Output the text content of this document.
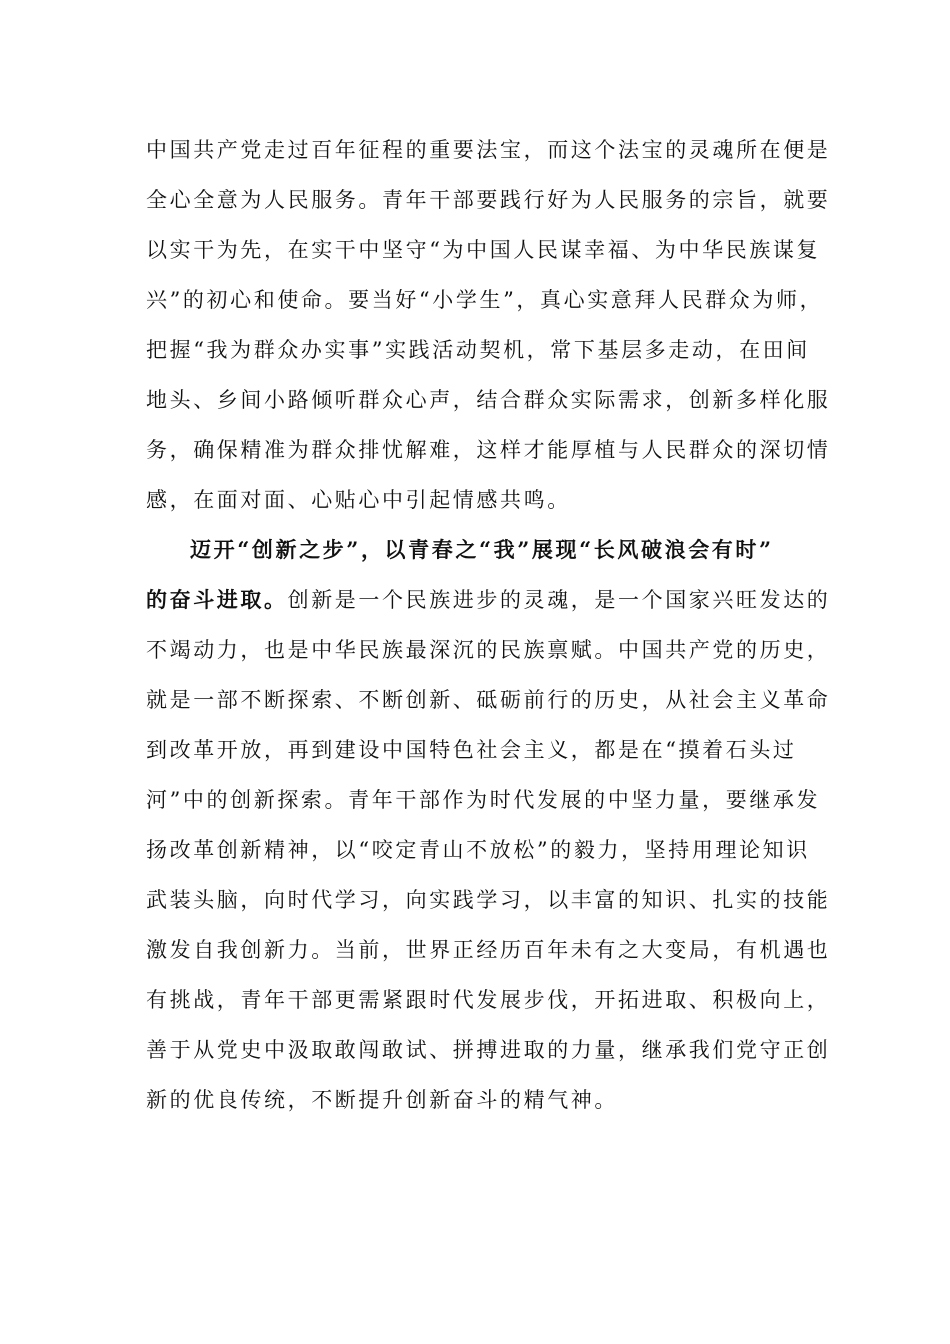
中国共产党走过百年征程的重要法宝，而这个法宝的灵魂所在便是
全心全意为人民服务。青年干部要践行好为人民服务的宗旨，就要
以实干为先，在实干中坚守“为中国人民谋幸福、为中华民族谋复
兴”的初心和使命。要当好“小学生”，真心实意拜人民群众为师，
把握“我为群众办实事”实践活动契机，常下基层多走动，在田间
地头、乡间小路倾听群众心声，结合群众实际需求，创新多样化服
务，确保精准为群众排忧解难，这样才能厚植与人民群众的深切情
感，在面对面、心贴心中引起情感共鸣。
迈开“创新之步”，以青春之“我”展现“长风破浪会有时”
的奋斗进取。创新是一个民族进步的灵魂，是一个国家兴旺发达的
不竭动力，也是中华民族最深沉的民族禀赋。中国共产党的历史，
就是一部不断探索、不断创新、砥砺前行的历史，从社会主义革命
到改革开放，再到建设中国特色社会主义，都是在“摸着石头过
河”中的创新探索。青年干部作为时代发展的中坚力量，要继承发
扬改革创新精神，以“咬定青山不放松”的毅力，坚持用理论知识
武装头脑，向时代学习，向实践学习，以丰富的知识、扎实的技能
激发自我创新力。当前，世界正经历百年未有之大变局，有机遇也
有挑战，青年干部更需紧跟时代发展步伐，开拓进取、积极向上，
善于从党史中汲取敢闯敢试、拼搏进取的力量，继承我们党守正创
新的优良传统，不断提升创新奋斗的精气神。
